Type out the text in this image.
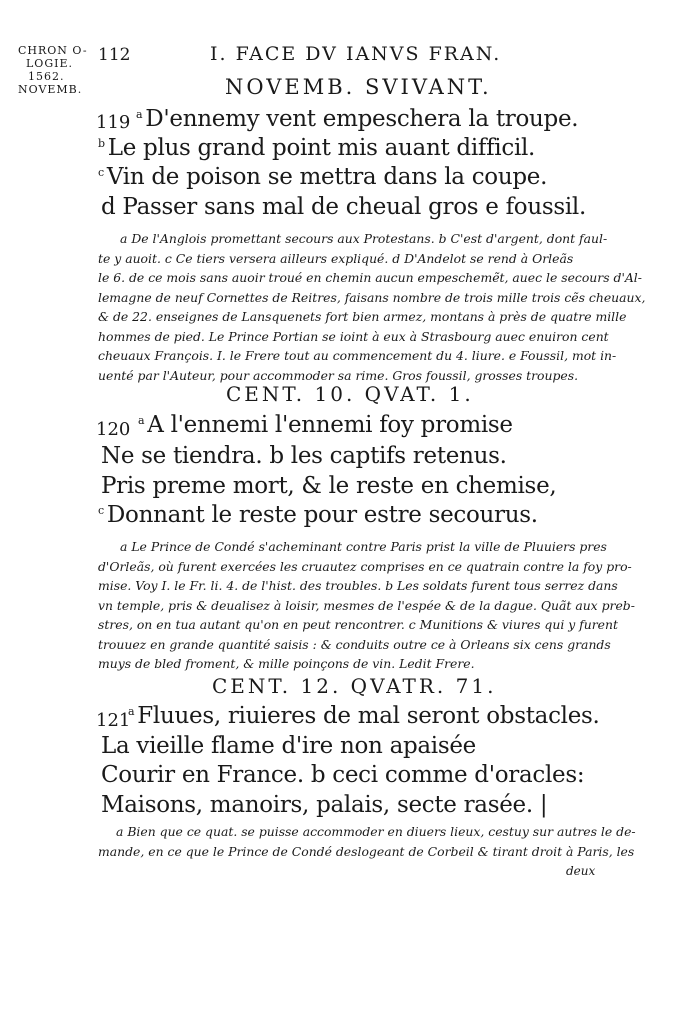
CHRON O-
LOGIE.
1562.
NOVEMB.
112	I. FACE DV IANVS FRAN.
NOVEMB. SVIVANT.
119 $^a$ D'ennemy vent empeschera la troupe.
$^b$ Le plus grand point mis auant difficil.
$^c$ Vin de poison se mettra dans la coupe.
d Passer sans mal de cheual gros e foussil.
a De l'Anglois promettant secours aux Protestans. b C'est d'argent, dont faul-
te y auoit. c Ce tiers versera ailleurs expliqué. d D'Andelot se rend à Orleãs
le 6. de ce mois sans auoir troué en chemin aucun empeschemẽt, auec le secours d'Al-
lemagne de neuf Cornettes de Reitres, faisans nombre de trois mille trois cẽs cheuaux,
& de 22. enseignes de Lansquenets fort bien armez, montans à près de quatre mille
hommes de pied. Le Prince Portian se ioint à eux à Strasbourg auec enuiron cent
cheuaux François. I. le Frere tout au commencement du 4. liure. e Foussil, mot in-
uenté par l'Auteur, pour accommoder sa rime. Gros foussil, grosses troupes.
CENT. 10. QVAT. 1.
120 $^a$ A l'ennemi l'ennemi foy promise
Ne se tiendra. b les captifs retenus.
Pris preme mort, & le reste en chemise,
$^c$ Donnant le reste pour estre secourus.
a Le Prince de Condé s'acheminant contre Paris prist la ville de Pluuiers pres
d'Orleãs, où furent exercées les cruautez comprises en ce quatrain contre la foy pro-
mise. Voy I. le Fr. li. 4. de l'hist. des troubles. b Les soldats furent tous serrez dans
vn temple, pris & deualisez à loisir, mesmes de l'espée & de la dague. Quãt aux preb-
stres, on en tua autant qu'on en peut rencontrer. c Munitions & viures qui y furent
trouuez en grande quantité saisis : & conduits outre ce à Orleans six cens grands
muys de bled froment, & mille poinçons de vin. Ledit Frere.
CENT. 12. QVATR. 71.
121
$^a$ Fluues, riuieres de mal seront obstacles.
La vieille flame d'ire non apaisée
Courir en France. b ceci comme d'oracles:
Maisons, manoirs, palais, secte rasée. |
a Bien que ce quat. se puisse accommoder en diuers lieux, cestuy sur autres le de-
mande, en ce que le Prince de Condé deslogeant de Corbeil & tirant droit à Paris, les
deux
